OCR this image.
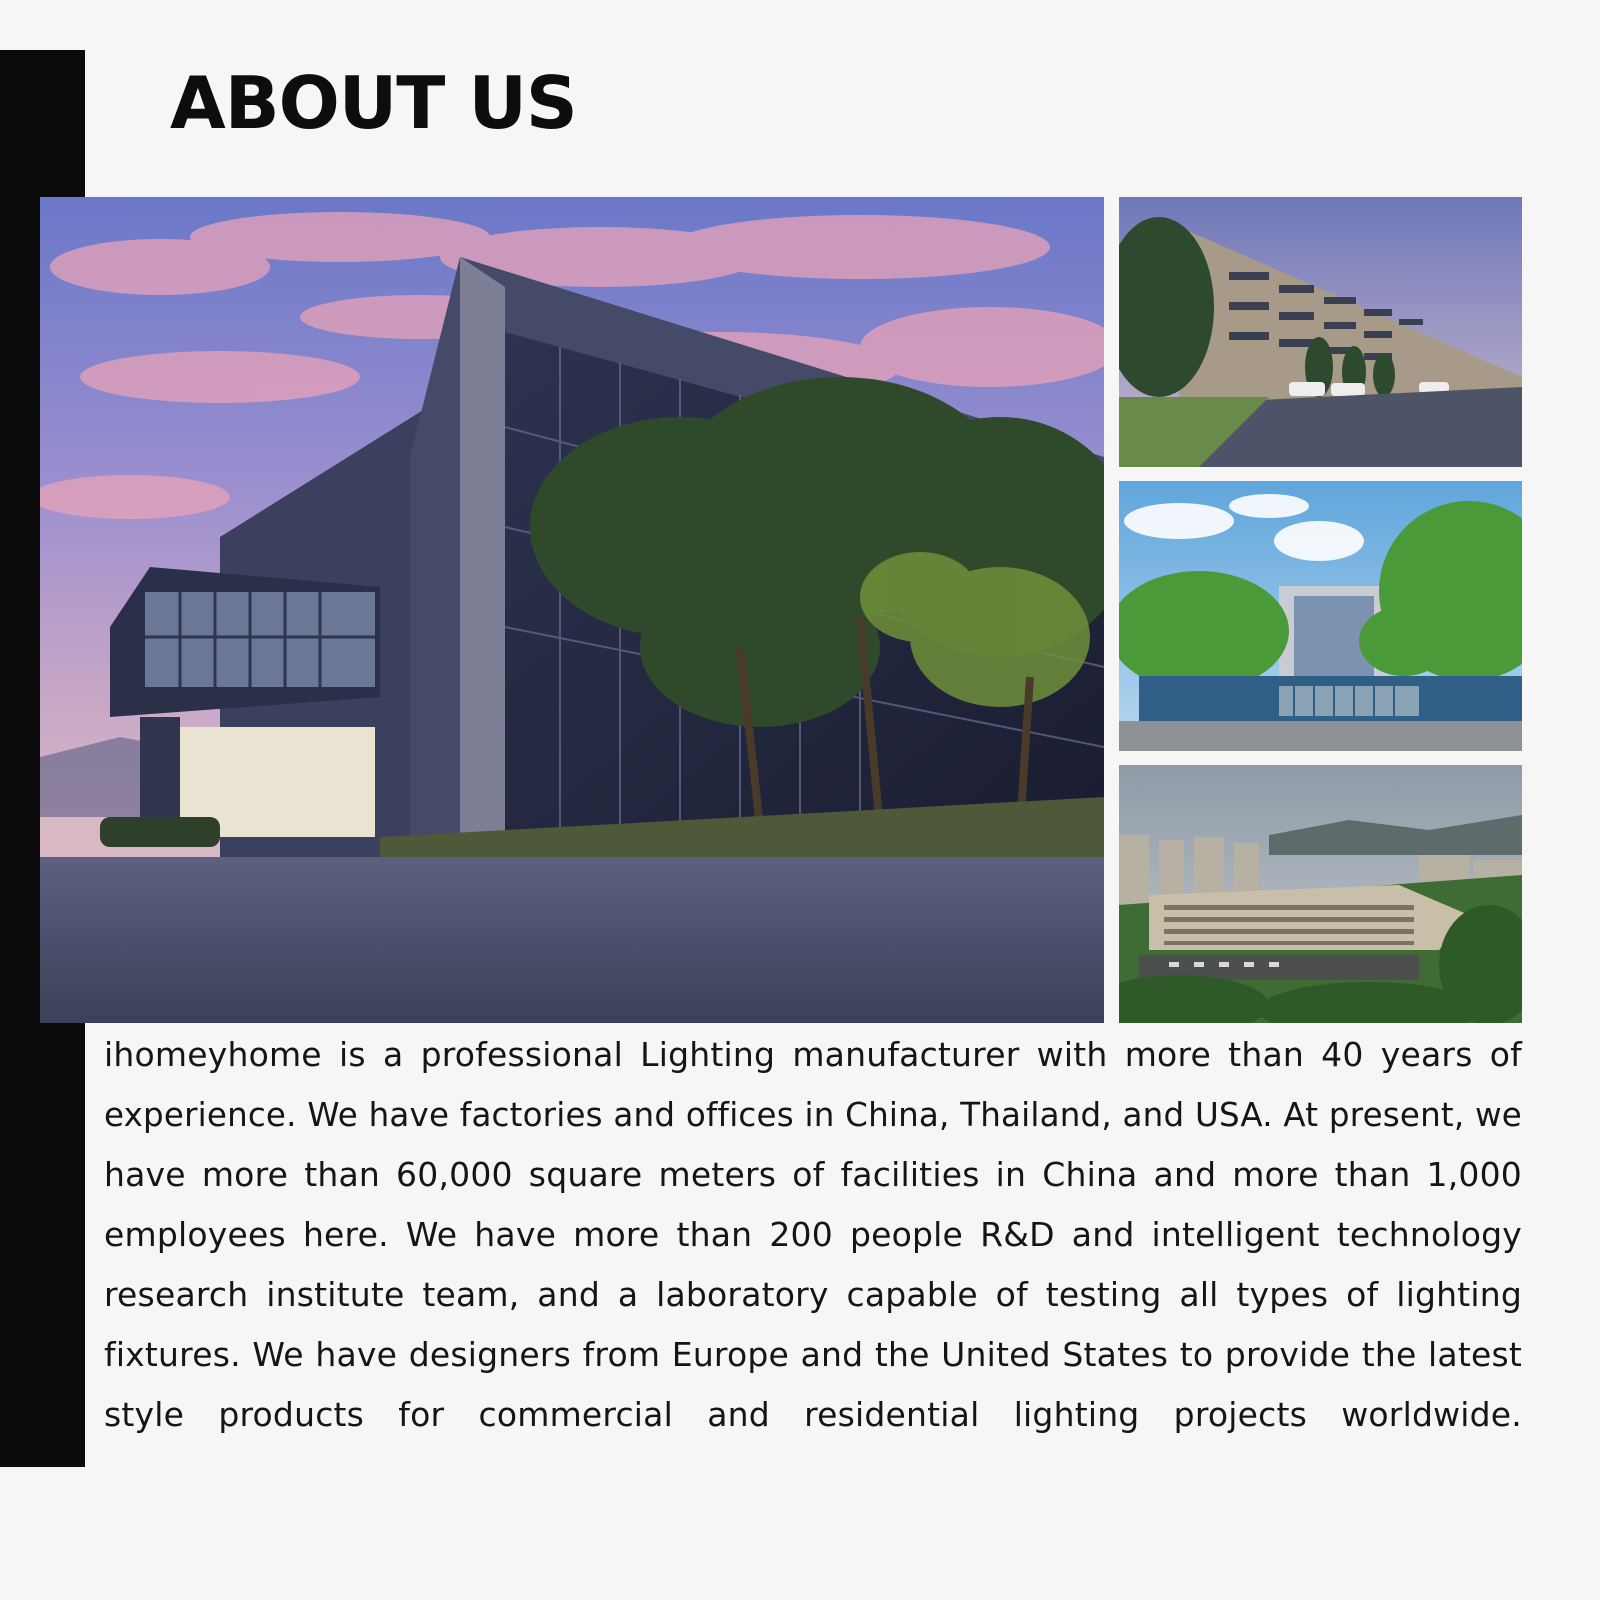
ABOUT US

ihomeyhome is a professional Lighting manufacturer with more than 40 years of
experience. We have factories and offices in China, Thailand, and USA. At present, we
have more than 60,000 square meters of facilities in China and more than 1,000
employees here. We have more than 200 people R&D and intelligent technology
research institute team, and a laboratory capable of testing all types of lighting
fixtures. We have designers from Europe and the United States to provide the latest
style products for commercial and residential lighting projects worldwide.
